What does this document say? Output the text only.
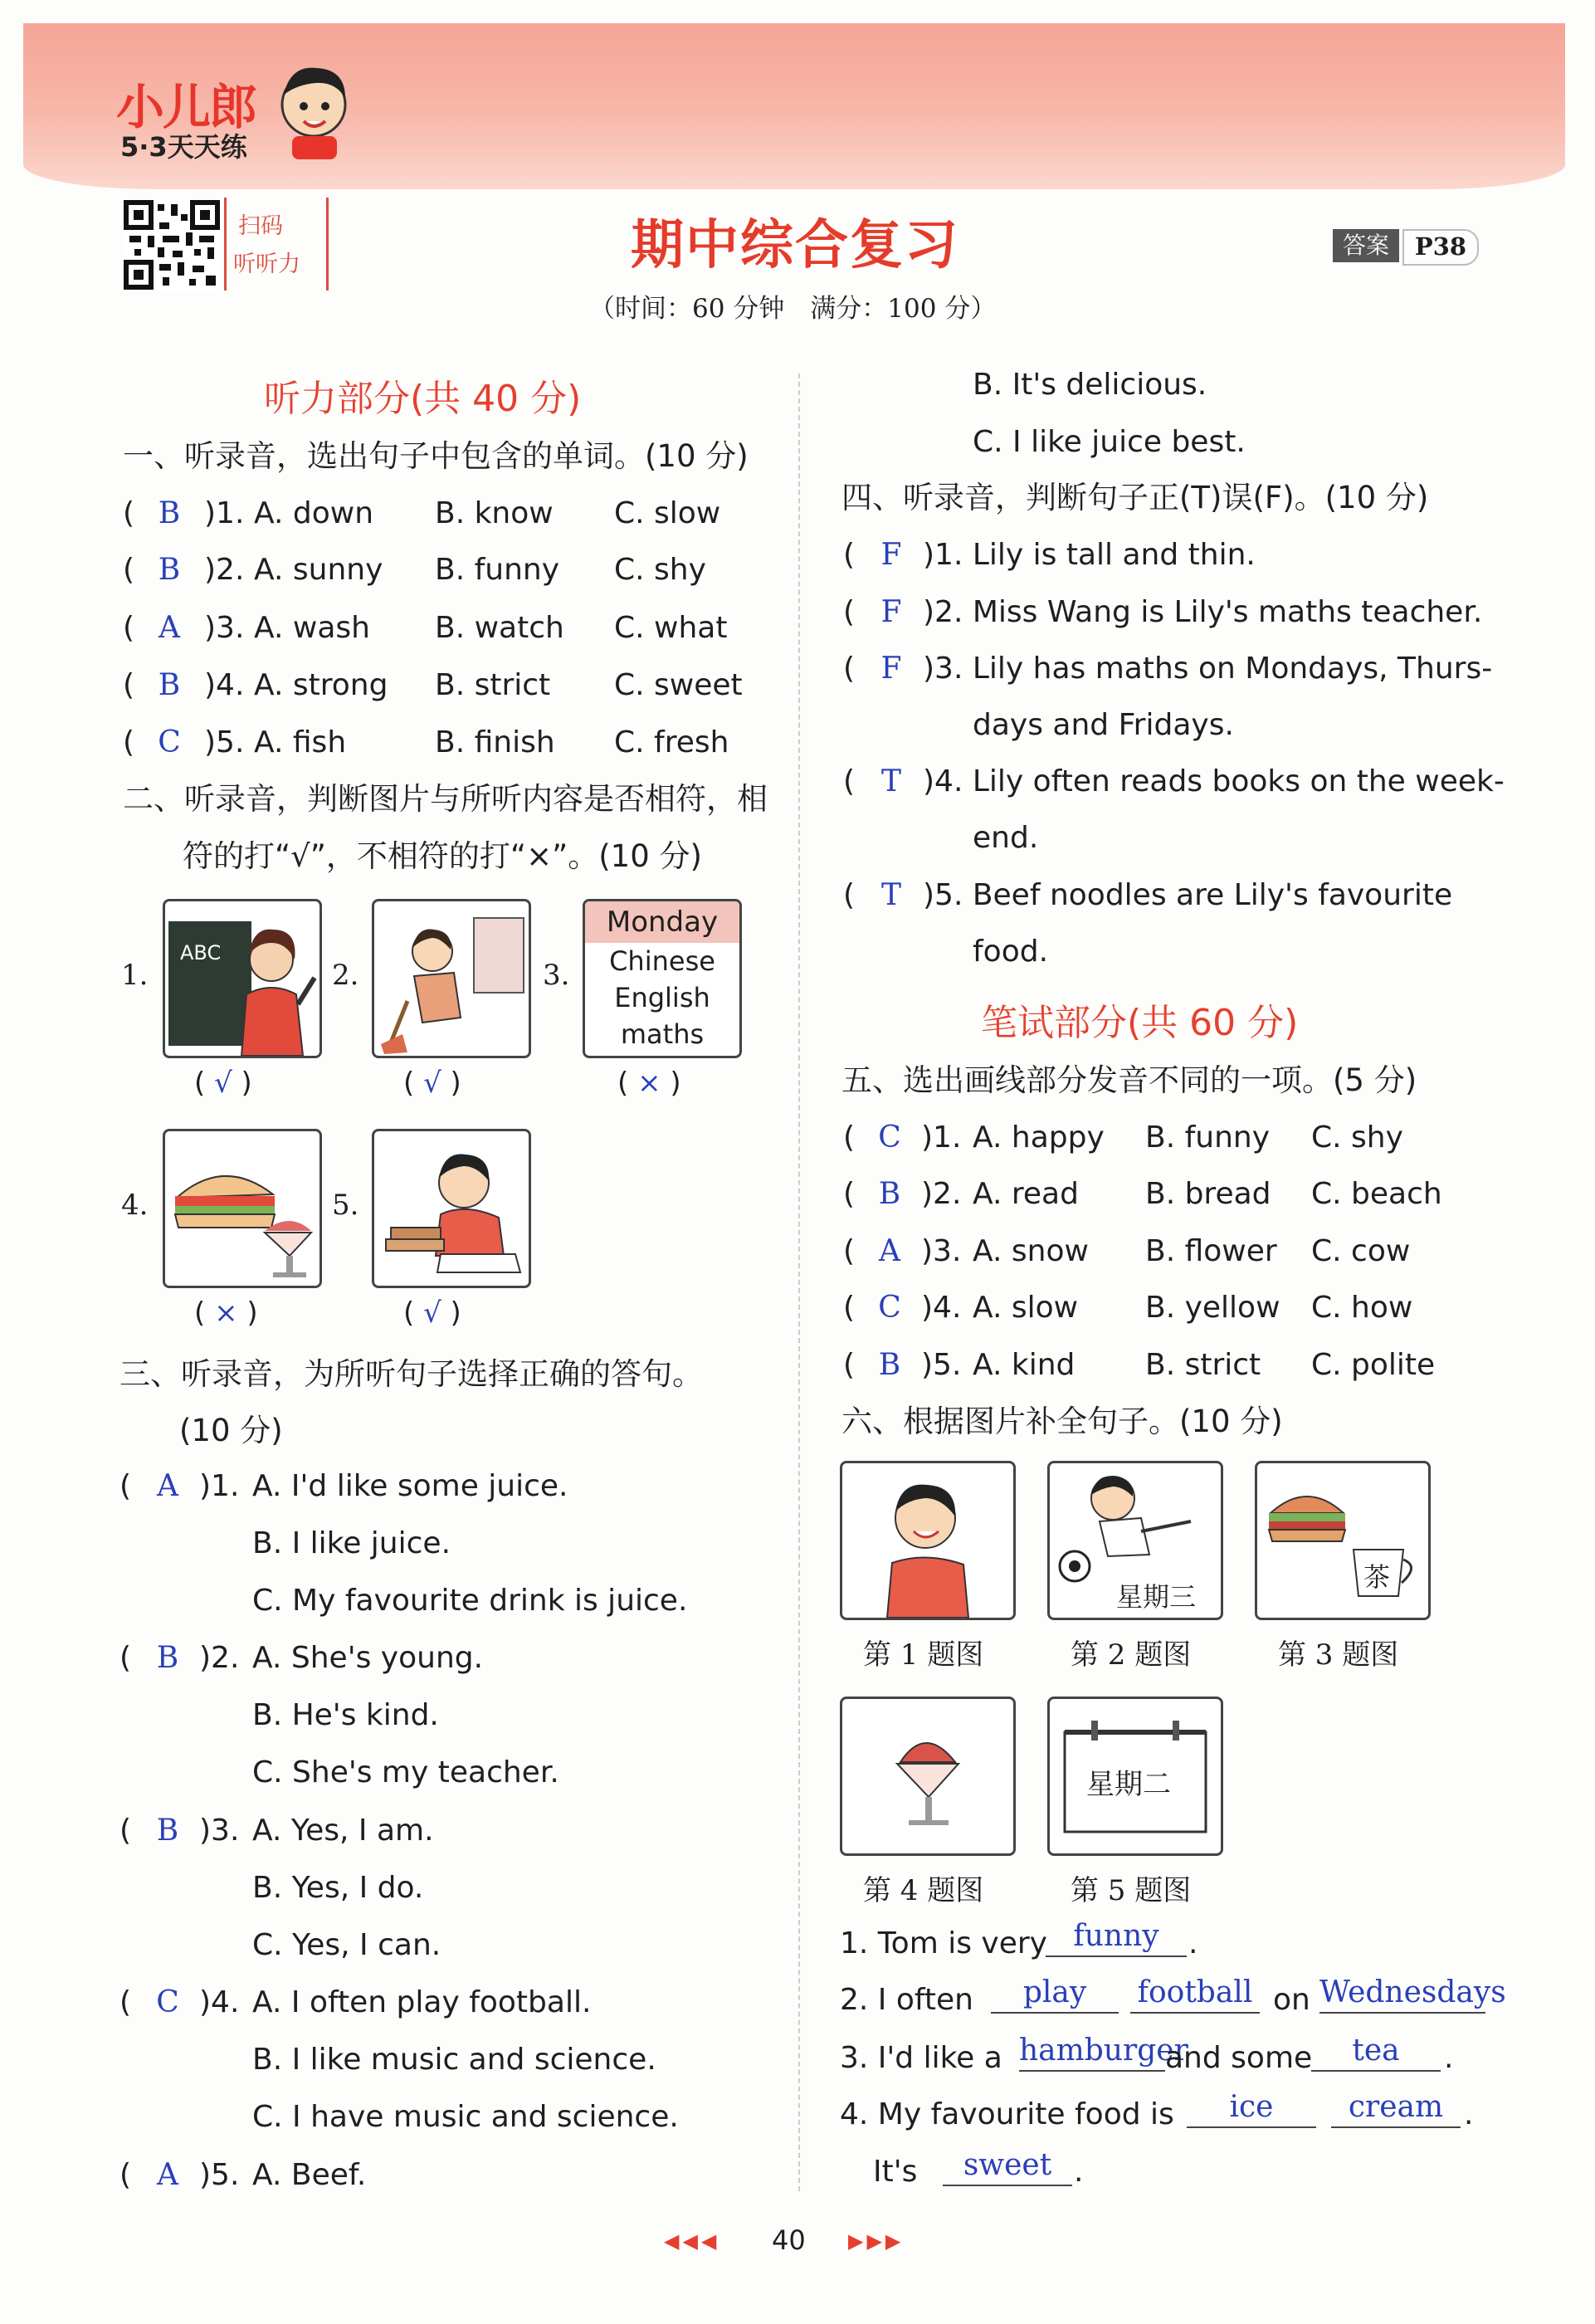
小儿郎
5·3天天练
扫码
听听力	期中综合复习
（时间：60 分钟　满分：100 分）
答案	P38
听力部分(共 40 分)
一、听录音，选出句子中包含的单词。(10 分)
( B )1. A. down B. know C. slow
( B )2. A. sunny B. funny C. shy
( A )3. A. wash B. watch C. what
( B )4. A. strong B. strict C. sweet
( C )5. A. fish	B. finish C. fresh
二、听录音，判断图片与所听内容是否相符，相
符的打“√”，不相符的打“×”。(10 分)
1.
ABC
( √ )
2.
( √ )
3.
Monday
Chinese
English
maths
( × )
4.
( × )
5.
( √ )
三、听录音，为所听句子选择正确的答句。
(10 分)
( A )1. A. I'd like some juice.
B. I like juice.
C. My favourite drink is juice.
( B )2. A. She's young.
B. He's kind.
C. She's my teacher.
( B )3. A. Yes, I am.
B. Yes, I do.
C. Yes, I can.
( C )4. A. I often play football.
B. I like music and science.
C. I have music and science.
( A )5. A. Beef.
B. It's delicious.
C. I like juice best.
四、听录音，判断句子正(T)误(F)。(10 分)
( F )1. Lily is tall and thin.
( F )2. Miss Wang is Lily's maths teacher.
( F )3. Lily has maths on Mondays, Thurs-
days and Fridays.
( T )4. Lily often reads books on the week-
end.
( T )5. Beef noodles are Lily's favourite
food.
笔试部分(共 60 分)
五、选出画线部分发音不同的一项。(5 分)
( C )1. A. happy B. funny C. shy
( B )2. A. read B. bread C. beach
( A )3. A. snow B. flower C. cow
( C )4. A. slow B. yellow C. how
( B )5. A. kind B. strict C. polite
六、根据图片补全句子。(10 分)
星期三
茶
第 1 题图	第 2 题图	第 3 题图
星期二
第 4 题图	第 5 题图
1. Tom is very funny .
2. I often	play	football on Wednesdays
3. I'd like a hamburger
and some	tea	.
4. My favourite food is	ice	cream .
It's	sweet .
◀◀◀ 40 ▶▶▶
